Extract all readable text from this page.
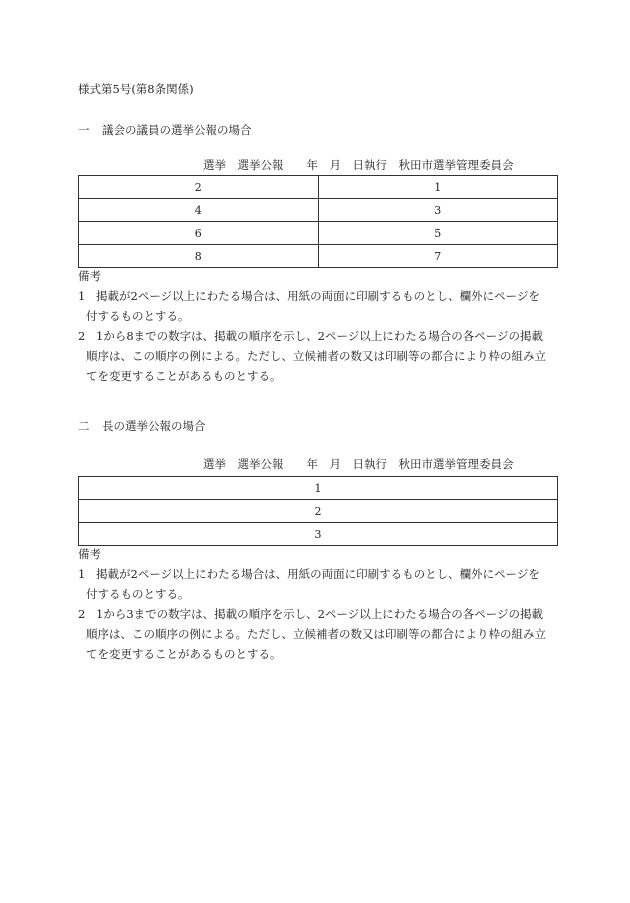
様式第5号(第8条関係)
一 議会の議員の選挙公報の場合
選挙　選挙公報　　年　月　日執行　秋田市選挙管理委員会
2	1
4	3
6	5
8	7
備考
1 掲載が2ページ以上にわたる場合は、用紙の両面に印刷するものとし、欄外にページを
付するものとする。
2 1から8までの数字は、掲載の順序を示し、2ページ以上にわたる場合の各ページの掲載
順序は、この順序の例による。ただし、立候補者の数又は印刷等の都合により枠の組み立
てを変更することがあるものとする。
二 長の選挙公報の場合
選挙　選挙公報　　年　月　日執行　秋田市選挙管理委員会
1
2
3
備考
1 掲載が2ページ以上にわたる場合は、用紙の両面に印刷するものとし、欄外にページを
付するものとする。
2 1から3までの数字は、掲載の順序を示し、2ページ以上にわたる場合の各ページの掲載
順序は、この順序の例による。ただし、立候補者の数又は印刷等の都合により枠の組み立
てを変更することがあるものとする。
